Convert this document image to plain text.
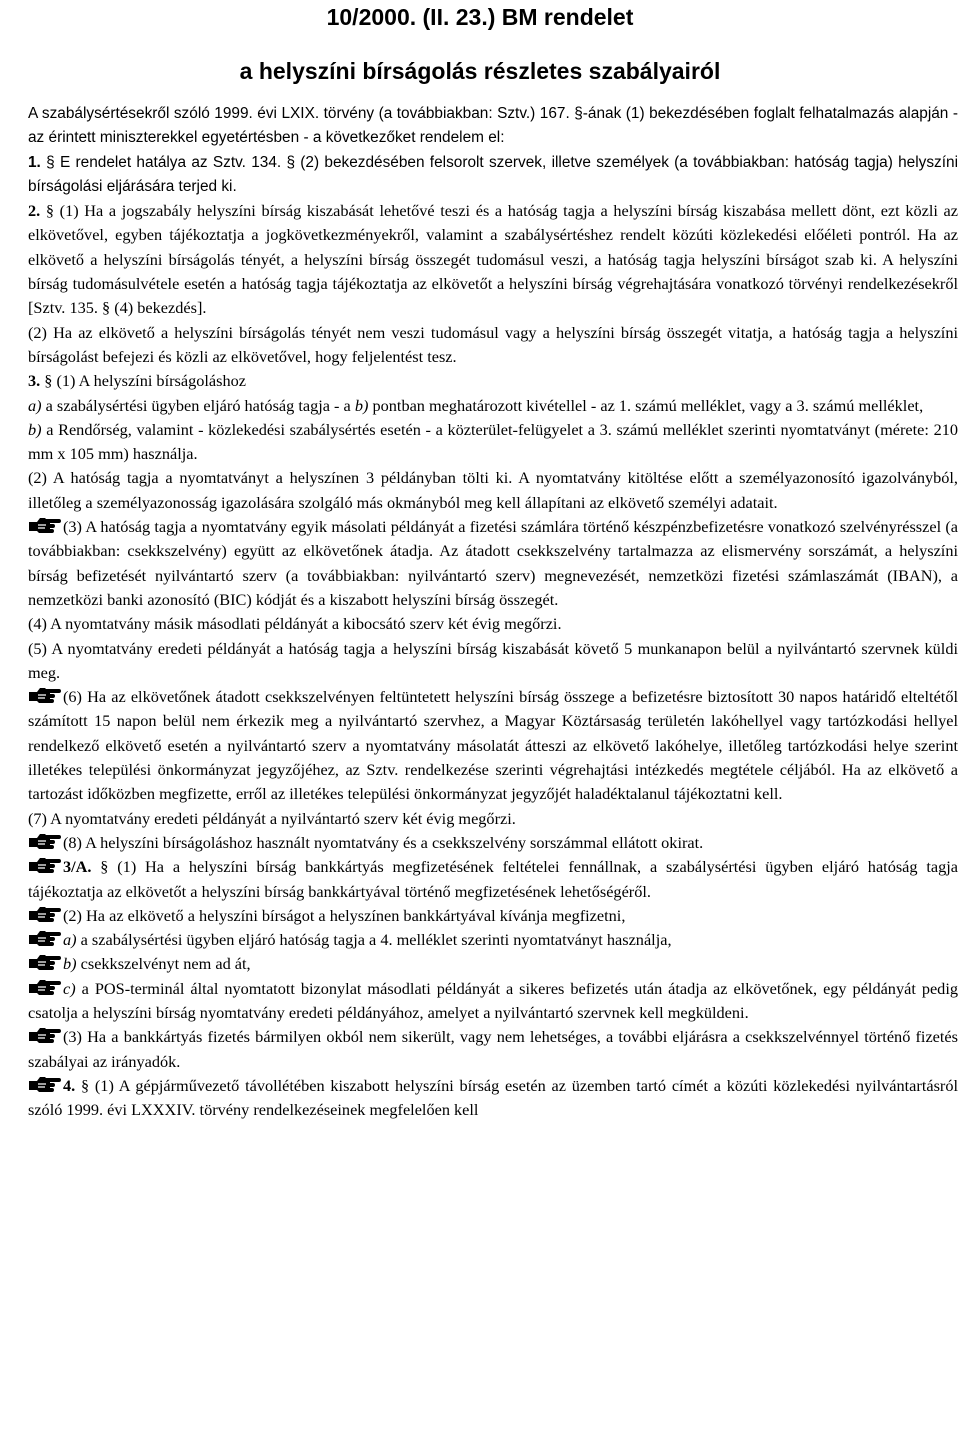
10/2000. (II. 23.) BM rendelet
a helyszíni bírságolás részletes szabályairól

A szabálysértésekről szóló 1999. évi LXIX. törvény (a továbbiakban: Sztv.) 167. §-ának (1) bekezdésében foglalt felhatalmazás alapján - az érintett miniszterekkel egyetértésben - a következőket rendelem el:

1. § E rendelet hatálya az Sztv. 134. § (2) bekezdésében felsorolt szervek, illetve személyek (a továbbiakban: hatóság tagja) helyszíni bírságolási eljárására terjed ki.

2. § (1) Ha a jogszabály helyszíni bírság kiszabását lehetővé teszi és a hatóság tagja a helyszíni bírság kiszabása mellett dönt, ezt közli az elkövetővel, egyben tájékoztatja a jogkövetkezményekről, valamint a szabálysértéshez rendelt közúti közlekedési előéleti pontról. Ha az elkövető a helyszíni bírságolás tényét, a helyszíni bírság összegét tudomásul veszi, a hatóság tagja helyszíni bírságot szab ki. A helyszíni bírság tudomásulvétele esetén a hatóság tagja tájékoztatja az elkövetőt a helyszíni bírság végrehajtására vonatkozó törvényi rendelkezésekről [Sztv. 135. § (4) bekezdés].

(2) Ha az elkövető a helyszíni bírságolás tényét nem veszi tudomásul vagy a helyszíni bírság összegét vitatja, a hatóság tagja a helyszíni bírságolást befejezi és közli az elkövetővel, hogy feljelentést tesz.

3. § (1) A helyszíni bírságoláshoz

a) a szabálysértési ügyben eljáró hatóság tagja - a b) pontban meghatározott kivétellel - az 1. számú melléklet, vagy a 3. számú melléklet,

b) a Rendőrség, valamint - közlekedési szabálysértés esetén - a közterület-felügyelet a 3. számú melléklet szerinti nyomtatványt (mérete: 210 mm x 105 mm) használja.

(2) A hatóság tagja a nyomtatványt a helyszínen 3 példányban tölti ki. A nyomtatvány kitöltése előtt a személyazonosító igazolványból, illetőleg a személyazonosság igazolására szolgáló más okmányból meg kell állapítani az elkövető személyi adatait.

(3) A hatóság tagja a nyomtatvány egyik másolati példányát a fizetési számlára történő készpénzbefizetésre vonatkozó szelvényrésszel (a továbbiakban: csekkszelvény) együtt az elkövetőnek átadja. Az átadott csekkszelvény tartalmazza az elismervény sorszámát, a helyszíni bírság befizetését nyilvántartó szerv (a továbbiakban: nyilvántartó szerv) megnevezését, nemzetközi fizetési számlaszámát (IBAN), a nemzetközi banki azonosító (BIC) kódját és a kiszabott helyszíni bírság összegét.

(4) A nyomtatvány másik másodlati példányát a kibocsátó szerv két évig megőrzi.

(5) A nyomtatvány eredeti példányát a hatóság tagja a helyszíni bírság kiszabását követő 5 munkanapon belül a nyilvántartó szervnek küldi meg.

(6) Ha az elkövetőnek átadott csekkszelvényen feltüntetett helyszíni bírság összege a befizetésre biztosított 30 napos határidő elteltétől számított 15 napon belül nem érkezik meg a nyilvántartó szervhez, a Magyar Köztársaság területén lakóhellyel vagy tartózkodási hellyel rendelkező elkövető esetén a nyilvántartó szerv a nyomtatvány másolatát átteszi az elkövető lakóhelye, illetőleg tartózkodási helye szerint illetékes települési önkormányzat jegyzőjéhez, az Sztv. rendelkezése szerinti végrehajtási intézkedés megtétele céljából. Ha az elkövető a tartozást időközben megfizette, erről az illetékes települési önkormányzat jegyzőjét haladéktalanul tájékoztatni kell.

(7) A nyomtatvány eredeti példányát a nyilvántartó szerv két évig megőrzi.

(8) A helyszíni bírságoláshoz használt nyomtatvány és a csekkszelvény sorszámmal ellátott okirat.

3/A. § (1) Ha a helyszíni bírság bankkártyás megfizetésének feltételei fennállnak, a szabálysértési ügyben eljáró hatóság tagja tájékoztatja az elkövetőt a helyszíni bírság bankkártyával történő megfizetésének lehetőségéről.

(2) Ha az elkövető a helyszíni bírságot a helyszínen bankkártyával kívánja megfizetni,

a) a szabálysértési ügyben eljáró hatóság tagja a 4. melléklet szerinti nyomtatványt használja,

b) csekkszelvényt nem ad át,

c) a POS-terminál által nyomtatott bizonylat másodlati példányát a sikeres befizetés után átadja az elkövetőnek, egy példányát pedig csatolja a helyszíni bírság nyomtatvány eredeti példányához, amelyet a nyilvántartó szervnek kell megküldeni.

(3) Ha a bankkártyás fizetés bármilyen okból nem sikerült, vagy nem lehetséges, a további eljárásra a csekkszelvénnyel történő fizetés szabályai az irányadók.

4. § (1) A gépjárművezető távollétében kiszabott helyszíni bírság esetén az üzemben tartó címét a közúti közlekedési nyilvántartásról szóló 1999. évi LXXXIV. törvény rendelkezéseinek megfelelően kell
